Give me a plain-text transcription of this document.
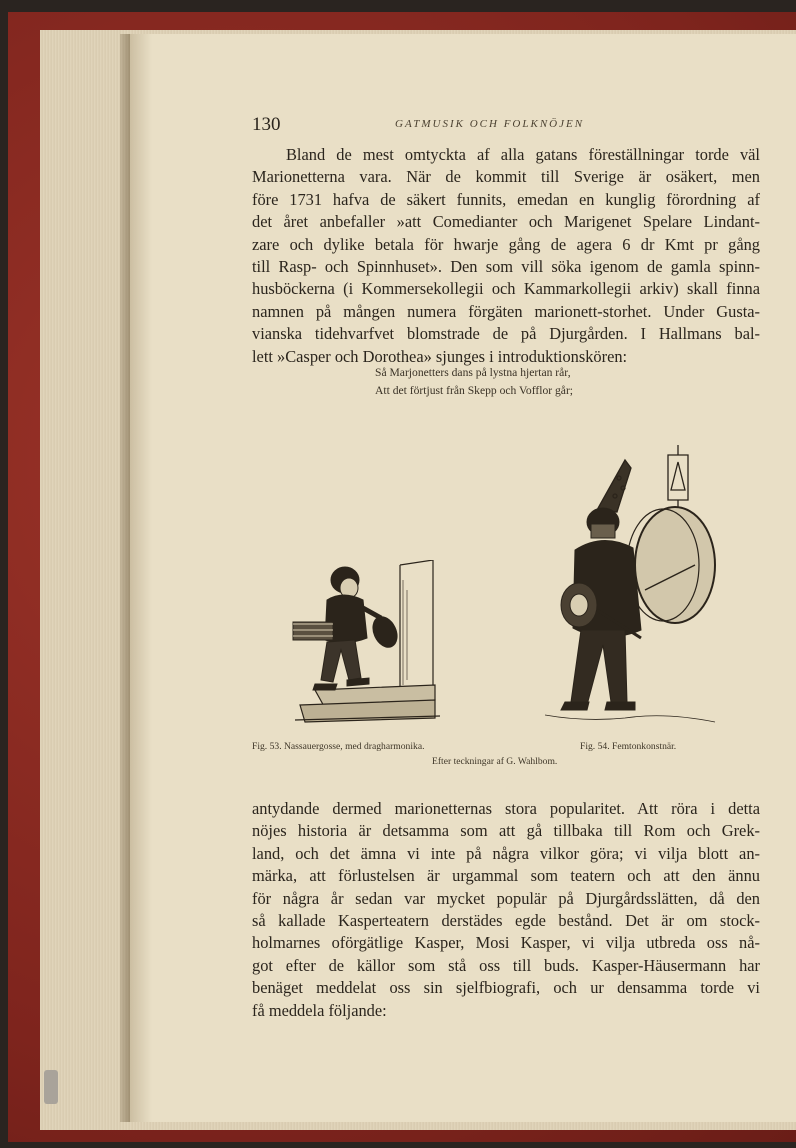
130	GATMUSIK OCH FOLKNÖJEN
Bland de mest omtyckta af alla gatans föreställningar torde väl
Marionetterna vara. När de kommit till Sverige är osäkert, men
före 1731 hafva de säkert funnits, emedan en kunglig förordning af
det året anbefaller »att Comedianter och Marigenet Spelare Lindant-
zare och dylike betala för hwarje gång de agera 6 dr Kmt pr gång
till Rasp- och Spinnhuset». Den som vill söka igenom de gamla spinn-
husböckerna (i Kommersekollegii och Kammarkollegii arkiv) skall finna
namnen på mången numera förgäten marionett-storhet. Under Gusta-
vianska tidehvarfvet blomstrade de på Djurgården. I Hallmans bal-
lett »Casper och Dorothea» sjunges i introduktionskören:
Så Marjonetters dans på lystna hjertan rår,
Att det förtjust från Skepp och Vofflor går;
Fig. 53. Nassauergosse, med dragharmonika.	Fig. 54. Femtonkonstnär.
Efter teckningar af G. Wahlbom.
antydande dermed marionetternas stora popularitet. Att röra i detta
nöjes historia är detsamma som att gå tillbaka till Rom och Grek-
land, och det ämna vi inte på några vilkor göra; vi vilja blott an-
märka, att förlustelsen är urgammal som teatern och att den ännu
för några år sedan var mycket populär på Djurgårdsslätten, då den
så kallade Kasperteatern derstädes egde bestånd. Det är om stock-
holmarnes oförgätlige Kasper, Mosi Kasper, vi vilja utbreda oss nå-
got efter de källor som stå oss till buds. Kasper-Häusermann har
benäget meddelat oss sin sjelfbiografi, och ur densamma torde vi
få meddela följande:
